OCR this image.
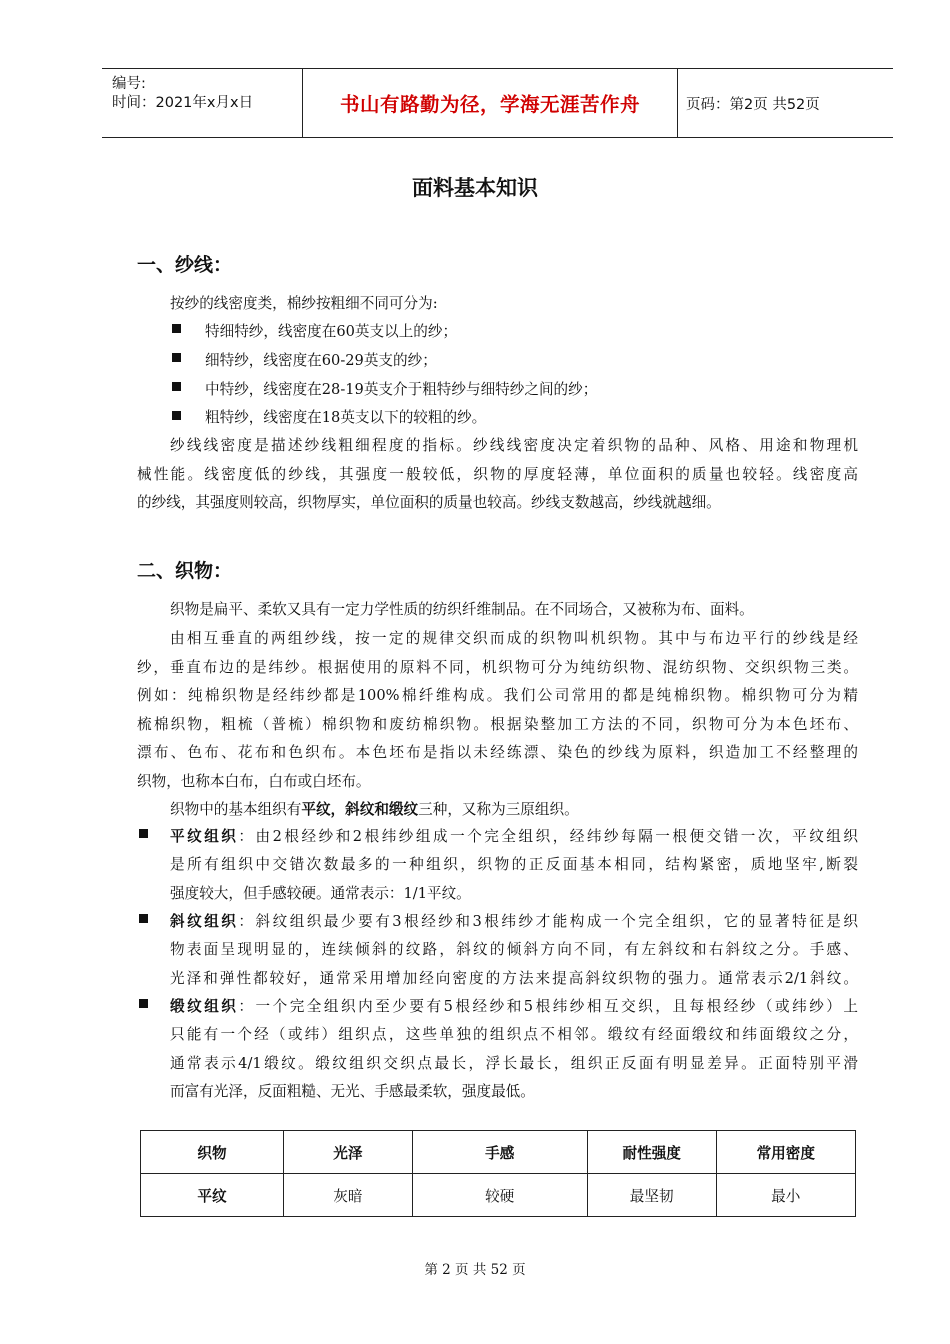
编号:
时间：2021年x月x日	书山有路勤为径，学海无涯苦作舟	页码：第2页 共52页
面料基本知识
一、纱线：
按纱的线密度类，棉纱按粗细不同可分为:
特细特纱，线密度在60英支以上的纱；
细特纱，线密度在60-29英支的纱；
中特纱，线密度在28-19英支介于粗特纱与细特纱之间的纱；
粗特纱，线密度在18英支以下的较粗的纱。
纱线线密度是描述纱线粗细程度的指标。纱线线密度决定着织物的品种、风格、用途和物理机
械性能。线密度低的纱线，其强度一般较低，织物的厚度轻薄，单位面积的质量也较轻。线密度高
的纱线，其强度则较高，织物厚实，单位面积的质量也较高。纱线支数越高，纱线就越细。
二、织物：
织物是扁平、柔软又具有一定力学性质的纺织纤维制品。在不同场合，又被称为布、面料。
由相互垂直的两组纱线，按一定的规律交织而成的织物叫机织物。其中与布边平行的纱线是经
纱，垂直布边的是纬纱。根据使用的原料不同，机织物可分为纯纺织物、混纺织物、交织织物三类。
例如：纯棉织物是经纬纱都是100%棉纤维构成。我们公司常用的都是纯棉织物。棉织物可分为精
梳棉织物，粗梳（普梳）棉织物和废纺棉织物。根据染整加工方法的不同，织物可分为本色坯布、
漂布、色布、花布和色织布。本色坯布是指以未经练漂、染色的纱线为原料，织造加工不经整理的
织物，也称本白布，白布或白坯布。
织物中的基本组织有平纹，斜纹和缎纹三种，又称为三原组织。
平纹组织：由2根经纱和2根纬纱组成一个完全组织，经纬纱每隔一根便交错一次，平纹组织
是所有组织中交错次数最多的一种组织，织物的正反面基本相同，结构紧密，质地坚牢,断裂
强度较大，但手感较硬。通常表示：1/1平纹。
斜纹组织：斜纹组织最少要有3根经纱和3根纬纱才能构成一个完全组织，它的显著特征是织
物表面呈现明显的，连续倾斜的纹路，斜纹的倾斜方向不同，有左斜纹和右斜纹之分。手感、
光泽和弹性都较好，通常采用增加经向密度的方法来提高斜纹织物的强力。通常表示2/1斜纹。
缎纹组织：一个完全组织内至少要有5根经纱和5根纬纱相互交织，且每根经纱（或纬纱）上
只能有一个经（或纬）组织点，这些单独的组织点不相邻。缎纹有经面缎纹和纬面缎纹之分，
通常表示4/1缎纹。缎纹组织交织点最长，浮长最长，组织正反面有明显差异。正面特别平滑
而富有光泽，反面粗糙、无光、手感最柔软，强度最低。
织物	光泽	手感	耐性强度	常用密度
平纹	灰暗	较硬	最坚韧	最小
第 2 页 共 52 页
